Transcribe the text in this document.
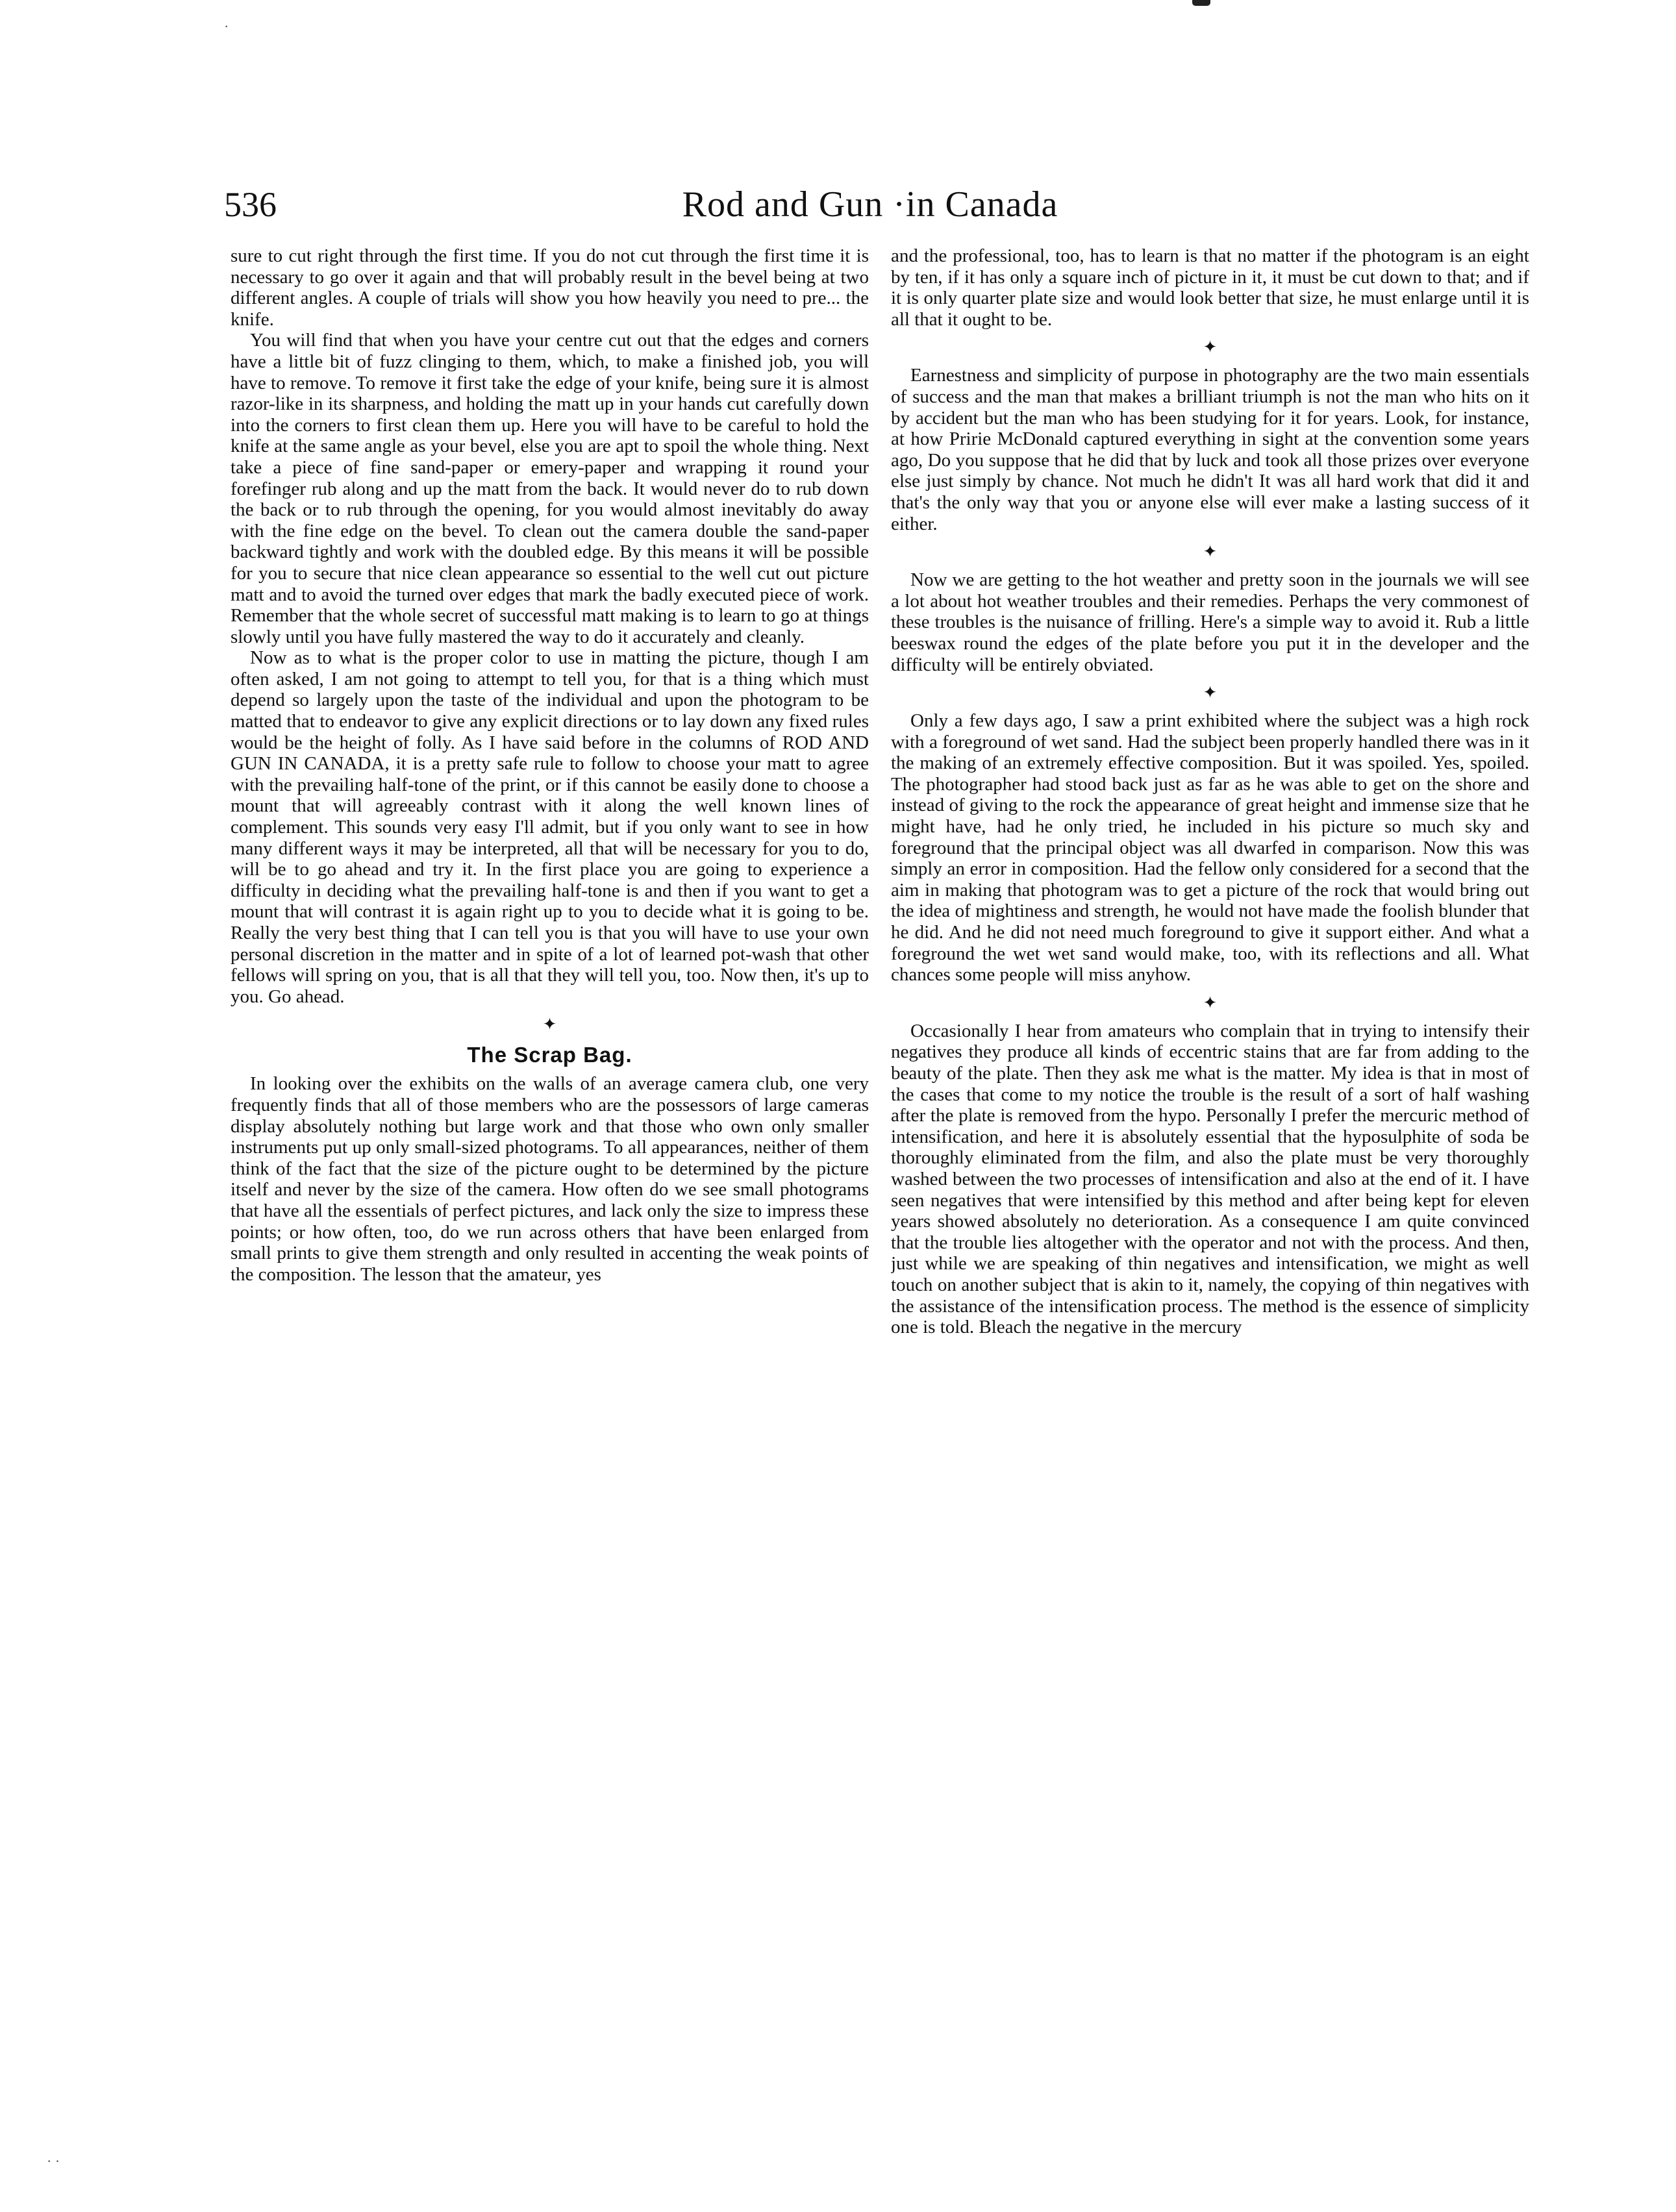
·
· ·
536	Rod and Gun ·in Canada

sure to cut right through the first time. If you do not cut through the first time it is necessary to go over it again and that will probably result in the bevel being at two different angles. A couple of trials will show you how heavily you need to pre... the knife.

You will find that when you have your centre cut out that the edges and corners have a little bit of fuzz clinging to them, which, to make a finished job, you will have to remove. To remove it first take the edge of your knife, being sure it is almost razor-like in its sharpness, and holding the matt up in your hands cut carefully down into the corners to first clean them up. Here you will have to be careful to hold the knife at the same angle as your bevel, else you are apt to spoil the whole thing. Next take a piece of fine sand-paper or emery-paper and wrapping it round your forefinger rub along and up the matt from the back. It would never do to rub down the back or to rub through the opening, for you would almost inevitably do away with the fine edge on the bevel. To clean out the camera double the sand-paper backward tightly and work with the doubled edge. By this means it will be possible for you to secure that nice clean appearance so essential to the well cut out picture matt and to avoid the turned over edges that mark the badly executed piece of work. Remember that the whole secret of successful matt making is to learn to go at things slowly until you have fully mastered the way to do it accurately and cleanly.

Now as to what is the proper color to use in matting the picture, though I am often asked, I am not going to attempt to tell you, for that is a thing which must depend so largely upon the taste of the individual and upon the photogram to be matted that to endeavor to give any explicit directions or to lay down any fixed rules would be the height of folly. As I have said before in the columns of ROD AND GUN IN CANADA, it is a pretty safe rule to follow to choose your matt to agree with the prevailing half-tone of the print, or if this cannot be easily done to choose a mount that will agreeably contrast with it along the well known lines of complement. This sounds very easy I'll admit, but if you only want to see in how many different ways it may be interpreted, all that will be necessary for you to do, will be to go ahead and try it. In the first place you are going to experience a difficulty in deciding what the prevailing half-tone is and then if you want to get a mount that will contrast it is again right up to you to decide what it is going to be. Really the very best thing that I can tell you is that you will have to use your own personal discretion in the matter and in spite of a lot of learned pot-wash that other fellows will spring on you, that is all that they will tell you, too. Now then, it's up to you. Go ahead.

✦
The Scrap Bag.

In looking over the exhibits on the walls of an average camera club, one very frequently finds that all of those members who are the possessors of large cameras display absolutely nothing but large work and that those who own only smaller instruments put up only small-sized photograms. To all appearances, neither of them think of the fact that the size of the picture ought to be determined by the picture itself and never by the size of the camera. How often do we see small photograms that have all the essentials of perfect pictures, and lack only the size to impress these points; or how often, too, do we run across others that have been enlarged from small prints to give them strength and only resulted in accenting the weak points of the composition. The lesson that the amateur, yes

and the professional, too, has to learn is that no matter if the photogram is an eight by ten, if it has only a square inch of picture in it, it must be cut down to that; and if it is only quarter plate size and would look better that size, he must enlarge until it is all that it ought to be.

✦

Earnestness and simplicity of purpose in photography are the two main essentials of success and the man that makes a brilliant triumph is not the man who hits on it by accident but the man who has been studying for it for years. Look, for instance, at how Pririe McDonald captured everything in sight at the convention some years ago, Do you suppose that he did that by luck and took all those prizes over everyone else just simply by chance. Not much he didn't It was all hard work that did it and that's the only way that you or anyone else will ever make a lasting success of it either.

✦

Now we are getting to the hot weather and pretty soon in the journals we will see a lot about hot weather troubles and their remedies. Perhaps the very commonest of these troubles is the nuisance of frilling. Here's a simple way to avoid it. Rub a little beeswax round the edges of the plate before you put it in the developer and the difficulty will be entirely obviated.

✦

Only a few days ago, I saw a print exhibited where the subject was a high rock with a foreground of wet sand. Had the subject been properly handled there was in it the making of an extremely effective composition. But it was spoiled. Yes, spoiled. The photographer had stood back just as far as he was able to get on the shore and instead of giving to the rock the appearance of great height and immense size that he might have, had he only tried, he included in his picture so much sky and foreground that the principal object was all dwarfed in comparison. Now this was simply an error in composition. Had the fellow only considered for a second that the aim in making that photogram was to get a picture of the rock that would bring out the idea of mightiness and strength, he would not have made the foolish blunder that he did. And he did not need much foreground to give it support either. And what a foreground the wet wet sand would make, too, with its reflections and all. What chances some people will miss anyhow.

✦

Occasionally I hear from amateurs who complain that in trying to intensify their negatives they produce all kinds of eccentric stains that are far from adding to the beauty of the plate. Then they ask me what is the matter. My idea is that in most of the cases that come to my notice the trouble is the result of a sort of half washing after the plate is removed from the hypo. Personally I prefer the mercuric method of intensification, and here it is absolutely essential that the hyposulphite of soda be thoroughly eliminated from the film, and also the plate must be very thoroughly washed between the two processes of intensification and also at the end of it. I have seen negatives that were intensified by this method and after being kept for eleven years showed absolutely no deterioration. As a consequence I am quite convinced that the trouble lies altogether with the operator and not with the process. And then, just while we are speaking of thin negatives and intensification, we might as well touch on another subject that is akin to it, namely, the copying of thin negatives with the assistance of the intensification process. The method is the essence of simplicity one is told. Bleach the negative in the mercury
